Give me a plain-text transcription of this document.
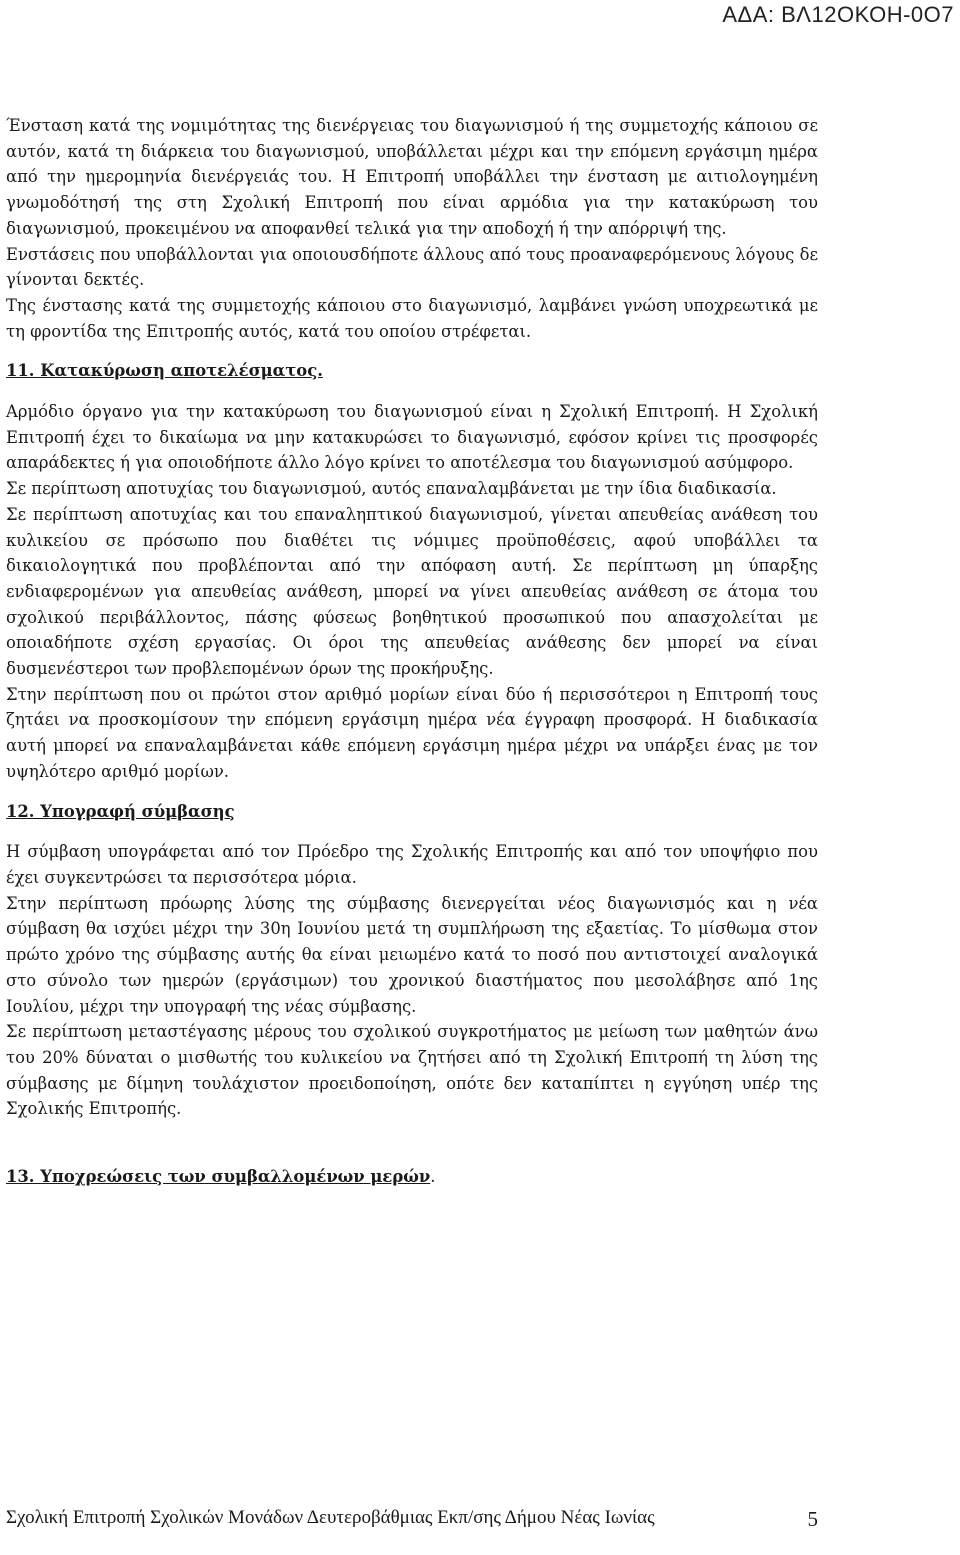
ΑΔΑ: ΒΛ12ΟΚΟΗ-0Ο7

Ένσταση κατά της νομιμότητας της διενέργειας του διαγωνισμού ή της συμμετοχής κάποιου σε αυτόν, κατά τη διάρκεια του διαγωνισμού, υποβάλλεται μέχρι και την επόμενη εργάσιμη ημέρα από την ημερομηνία διενέργειάς του. Η Επιτροπή υποβάλλει την ένσταση με αιτιολογημένη γνωμοδότησή της στη Σχολική Επιτροπή που είναι αρμόδια για την κατακύρωση του διαγωνισμού, προκειμένου να αποφανθεί τελικά για την αποδοχή ή την απόρριψή της.

Ενστάσεις που υποβάλλονται για οποιουσδήποτε άλλους από τους προαναφερόμενους λόγους δε γίνονται δεκτές.

Της ένστασης κατά της συμμετοχής κάποιου στο διαγωνισμό, λαμβάνει γνώση υποχρεωτικά με τη φροντίδα της Επιτροπής αυτός, κατά του οποίου στρέφεται.

11. Κατακύρωση αποτελέσματος.

Αρμόδιο όργανο για την κατακύρωση του διαγωνισμού είναι η Σχολική Επιτροπή. Η Σχολική Επιτροπή έχει το δικαίωμα να μην κατακυρώσει το διαγωνισμό, εφόσον κρίνει τις προσφορές απαράδεκτες ή για οποιοδήποτε άλλο λόγο κρίνει το αποτέλεσμα του διαγωνισμού ασύμφορο.

Σε περίπτωση αποτυχίας του διαγωνισμού, αυτός επαναλαμβάνεται με την ίδια διαδικασία.

Σε περίπτωση αποτυχίας και του επαναληπτικού διαγωνισμού, γίνεται απευθείας ανάθεση του κυλικείου σε πρόσωπο που διαθέτει τις νόμιμες προϋποθέσεις, αφού υποβάλλει τα δικαιολογητικά που προβλέπονται από την απόφαση αυτή. Σε περίπτωση μη ύπαρξης ενδιαφερομένων για απευθείας ανάθεση, μπορεί να γίνει απευθείας ανάθεση σε άτομα του σχολικού περιβάλλοντος, πάσης φύσεως βοηθητικού προσωπικού που απασχολείται με οποιαδήποτε σχέση εργασίας. Οι όροι της απευθείας ανάθεσης δεν μπορεί να είναι δυσμενέστεροι των προβλεπομένων όρων της προκήρυξης.

Στην περίπτωση που οι πρώτοι στον αριθμό μορίων είναι δύο ή περισσότεροι η Επιτροπή τους ζητάει να προσκομίσουν την επόμενη εργάσιμη ημέρα νέα έγγραφη προσφορά. Η διαδικασία αυτή μπορεί να επαναλαμβάνεται κάθε επόμενη εργάσιμη ημέρα μέχρι να υπάρξει ένας με τον υψηλότερο αριθμό μορίων.

12. Υπογραφή σύμβασης

Η σύμβαση υπογράφεται από τον Πρόεδρο της Σχολικής Επιτροπής και από τον υποψήφιο που έχει συγκεντρώσει τα περισσότερα μόρια.

Στην περίπτωση πρόωρης λύσης της σύμβασης διενεργείται νέος διαγωνισμός και η νέα σύμβαση θα ισχύει μέχρι την 30η Ιουνίου μετά τη συμπλήρωση της εξαετίας. Το μίσθωμα στον πρώτο χρόνο της σύμβασης αυτής θα είναι μειωμένο κατά το ποσό που αντιστοιχεί αναλογικά στο σύνολο των ημερών (εργάσιμων) του χρονικού διαστήματος που μεσολάβησε από 1ης Ιουλίου, μέχρι την υπογραφή της νέας σύμβασης.

Σε περίπτωση μεταστέγασης μέρους του σχολικού συγκροτήματος με μείωση των μαθητών άνω του 20% δύναται ο μισθωτής του κυλικείου να ζητήσει από τη Σχολική Επιτροπή τη λύση της σύμβασης με δίμηνη τουλάχιστον προειδοποίηση, οπότε δεν καταπίπτει η εγγύηση υπέρ της Σχολικής Επιτροπής.

13. Υποχρεώσεις των συμβαλλομένων μερών.

Σχολική Επιτροπή Σχολικών Μονάδων Δευτεροβάθμιας Εκπ/σης Δήμου Νέας Ιωνίας	5
